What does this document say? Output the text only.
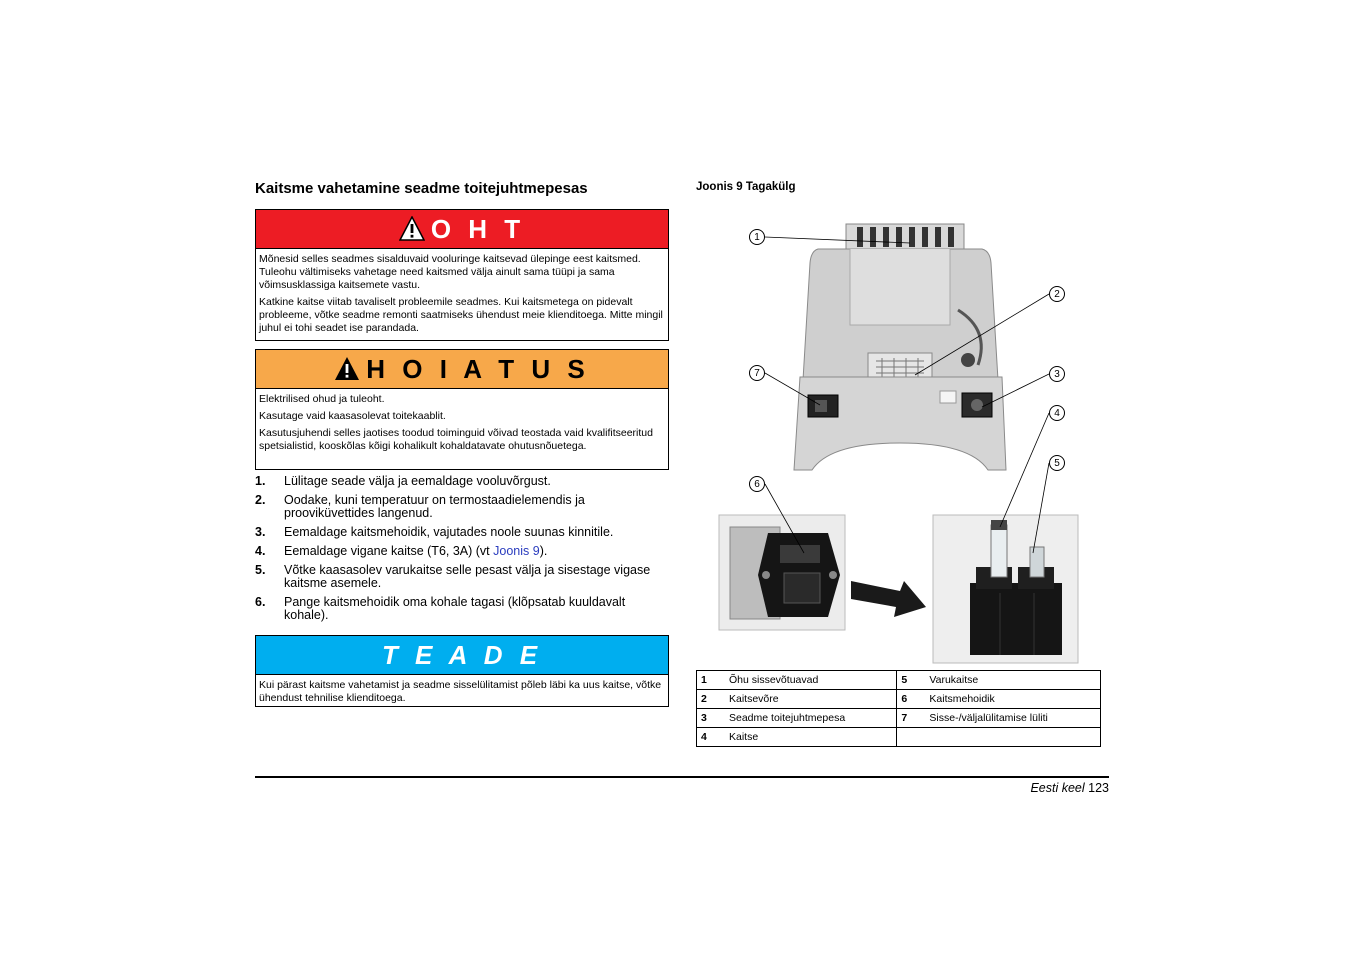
Kaitsme vahetamine seadme toitejuhtmepesas
O H T

Mõnesid selles seadmes sisalduvaid vooluringe kaitsevad ülepinge eest kaitsmed. Tuleohu vältimiseks vahetage need kaitsmed välja ainult sama tüüpi ja sama võimsusklassiga kaitsemete vastu.

Katkine kaitse viitab tavaliselt probleemile seadmes. Kui kaitsmetega on pidevalt probleeme, võtke seadme remonti saatmiseks ühendust meie klienditoega. Mitte mingil juhul ei tohi seadet ise parandada.

H O I A T U S

Elektrilised ohud ja tuleoht.

Kasutage vaid kaasasolevat toitekaablit.

Kasutusjuhendi selles jaotises toodud toiminguid võivad teostada vaid kvalifitseeritud spetsialistid, kooskõlas kõigi kohalikult kohaldatavate ohutusnõuetega.

1. Lülitage seade välja ja eemaldage vooluvõrgust.
2. Oodake, kuni temperatuur on termostaadielemendis ja prooviküvettides langenud.
3. Eemaldage kaitsmehoidik, vajutades noole suunas kinnitile.
4. Eemaldage vigane kaitse (T6, 3A) (vt Joonis 9).
5. Võtke kaasasolev varukaitse selle pesast välja ja sisestage vigase kaitsme asemele.
6. Pange kaitsmehoidik oma kohale tagasi (klõpsatab kuuldavalt kohale).
T E A D E

Kui pärast kaitsme vahetamist ja seadme sisselülitamist põleb läbi ka uus kaitse, võtke ühendust tehnilise klienditoega.

Joonis 9 Tagakülg
1
2
3
4
5
6
7
1	Õhu sissevõtuavad	5	Varukaitse
2	Kaitsevõre	6	Kaitsmehoidik
3	Seadme toitejuhtmepesa	7	Sisse-/väljalülitamise lüliti
4	Kaitse		
Eesti keel 123
